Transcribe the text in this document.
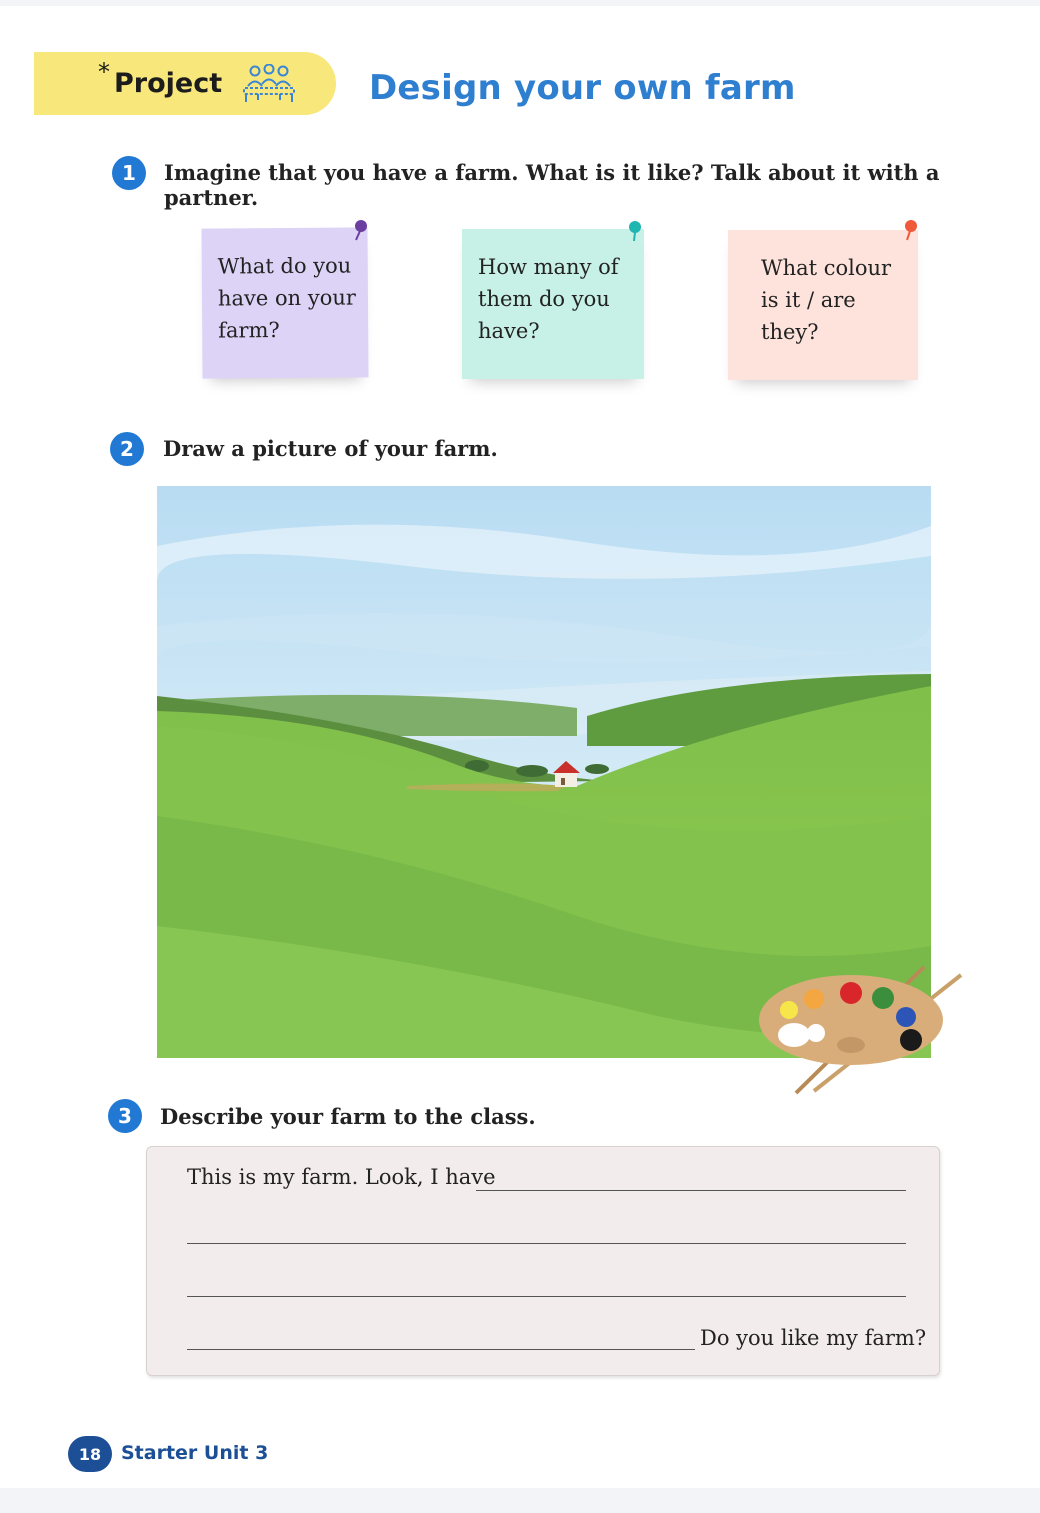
* Project	Design your own farm
1	Imagine that you have a farm. What is it like? Talk about it with a partner.
What do you
have on your
farm?
How many of
them do you
have?
What colour
is it / are
they?
2	Draw a picture of your farm.
3	Describe your farm to the class.
This is my farm. Look, I have
Do you like my farm?
18	Starter Unit 3
